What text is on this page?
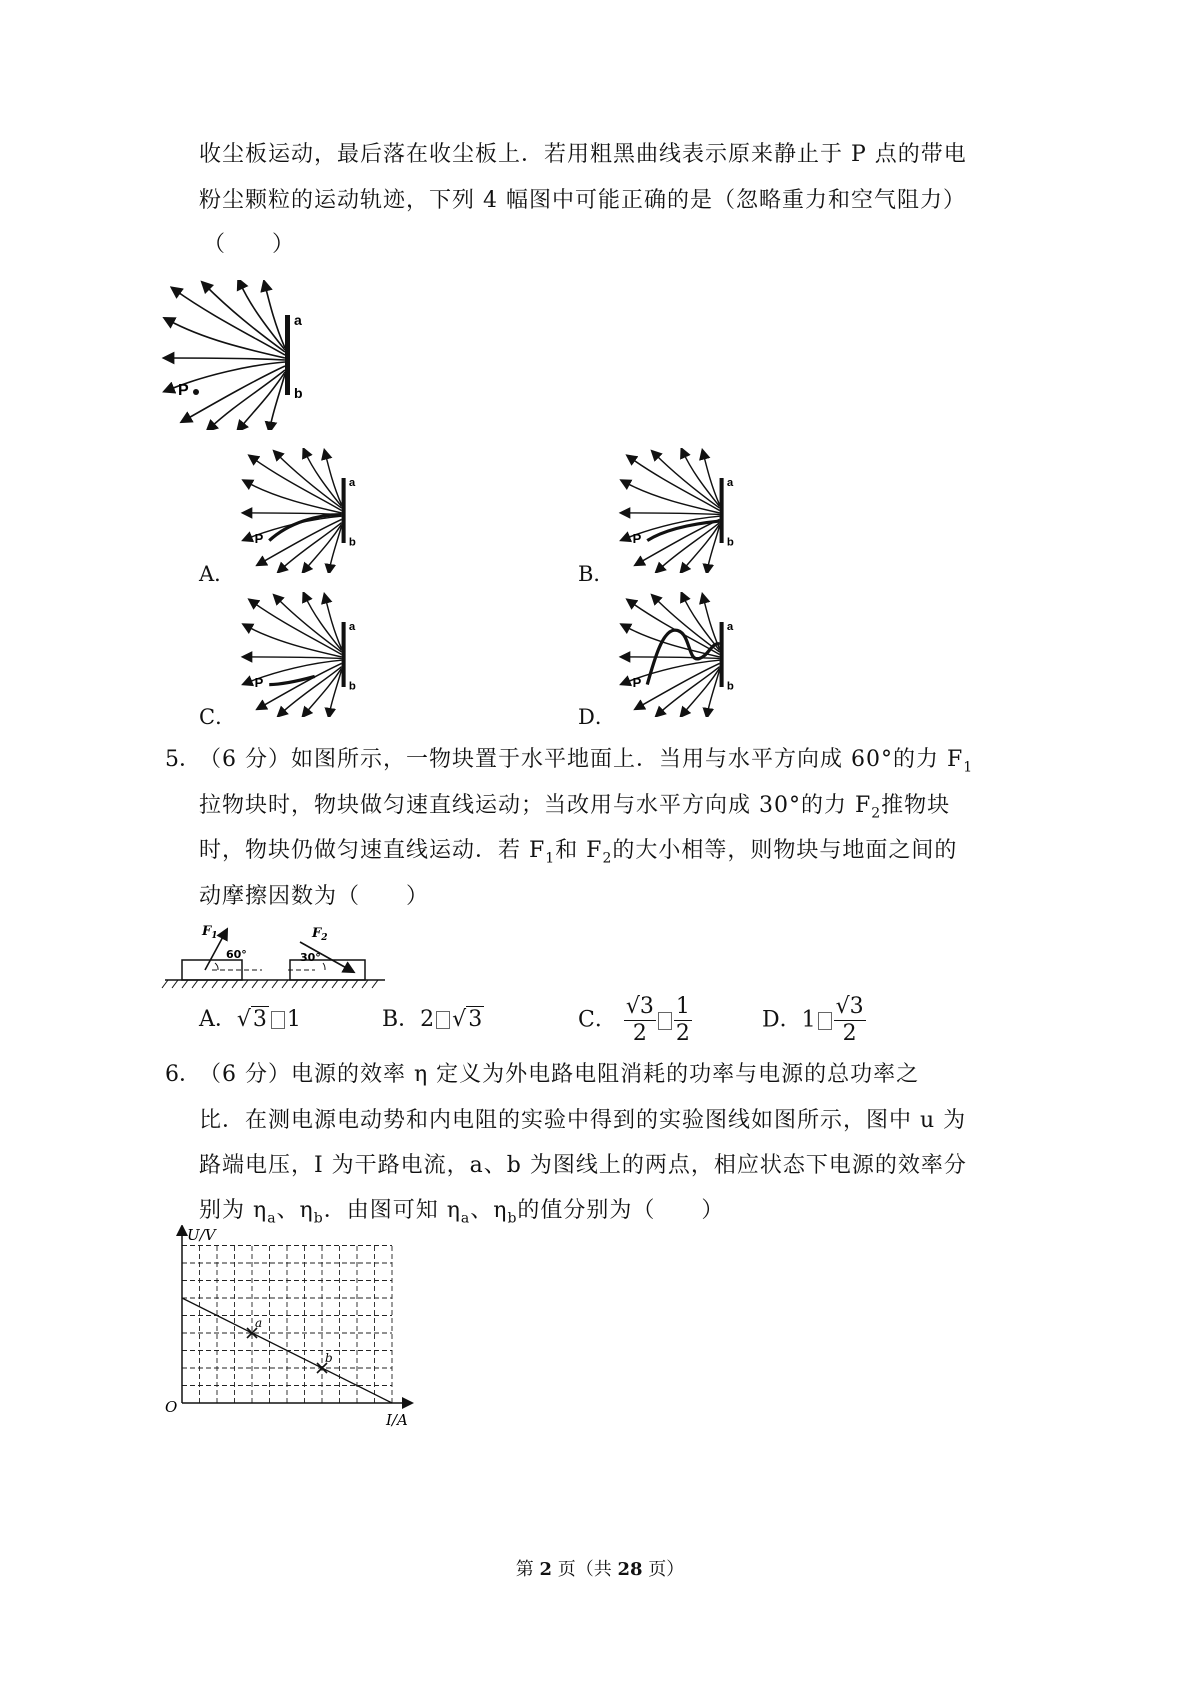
收尘板运动，最后落在收尘板上．若用粗黑曲线表示原来静止于 P 点的带电
粉尘颗粒的运动轨迹，下列 4 幅图中可能正确的是（忽略重力和空气阻力）
（　　）
a
b
P
A．
a
b
P
B．
a
b
P
C．
a
b
P
D．
a
b
P
5．
（6 分）如图所示，一物块置于水平地面上．当用与水平方向成 60°的力 $F_1$
拉物块时，物块做匀速直线运动；当改用与水平方向成 30°的力 $F_2$推物块
时，物块仍做匀速直线运动．若 $F_1$和 $F_2$的大小相等，则物块与地面之间的
动摩擦因数为（　　）
$F_1$	$F_2$
60°	30°
A．√3 1	B．2 √3	C． $\frac{√3}{2} \frac{1}{2}$	D．$1 \frac{√3}{2}$
6．
（6 分）电源的效率 η 定义为外电路电阻消耗的功率与电源的总功率之
比．在测电源电动势和内电阻的实验中得到的实验图线如图所示，图中 u 为
路端电压，I 为干路电流，a、b 为图线上的两点，相应状态下电源的效率分
别为 $\eta_a$、$\eta_b$．由图可知 $\eta_a$、$\eta_b$的值分别为（　　）
a
b
U/V
I/A
O
第 2 页（共 28 页）
